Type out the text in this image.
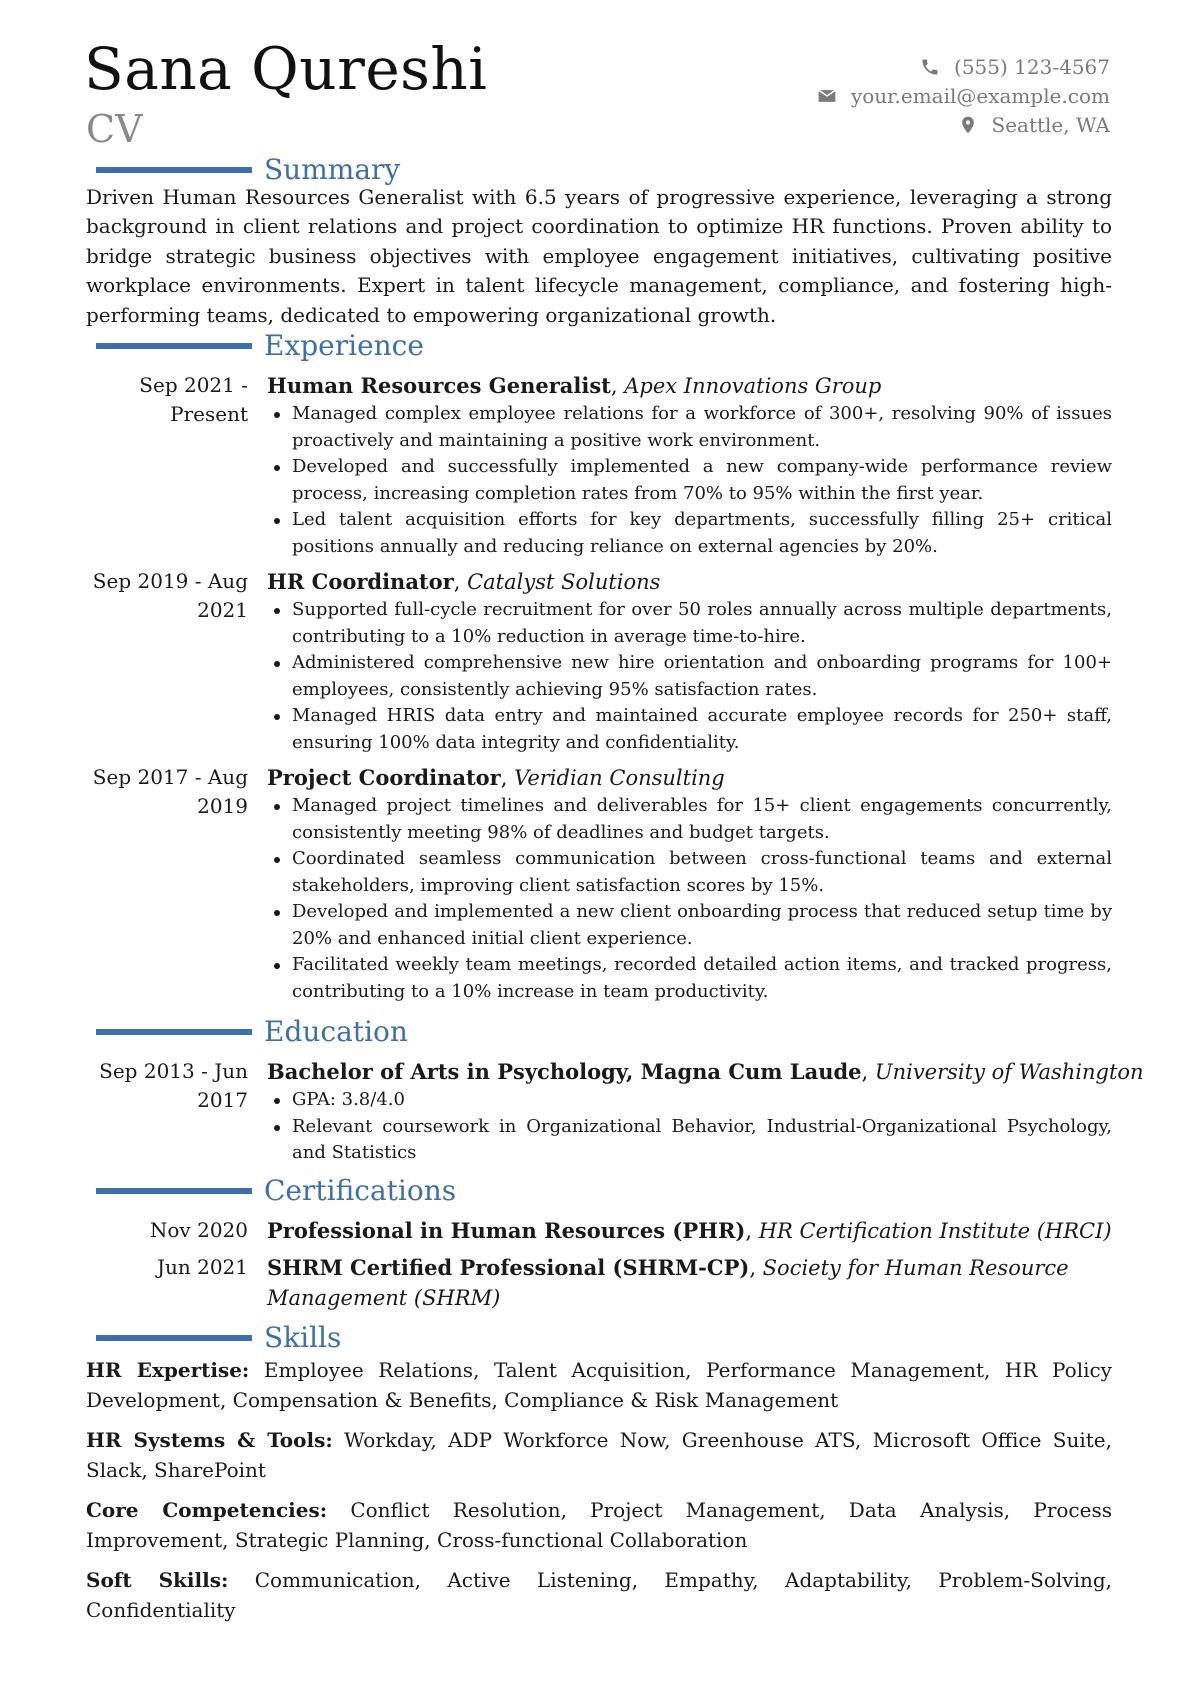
Sana Qureshi
CV
(555) 123-4567
your.email@example.com
Seattle, WA
Summary
Driven Human Resources Generalist with 6.5 years of progressive experience, leveraging a strong background in client relations and project coordination to optimize HR functions. Proven ability to bridge strategic business objectives with employee engagement initiatives, cultivating positive workplace environments. Expert in talent lifecycle management, compliance, and fostering high-performing teams, dedicated to empowering organizational growth.
Experience
Sep 2021 - Present
Human Resources Generalist, Apex Innovations Group
Managed complex employee relations for a workforce of 300+, resolving 90% of issues proactively and maintaining a positive work environment.
Developed and successfully implemented a new company-wide performance review process, increasing completion rates from 70% to 95% within the first year.
Led talent acquisition efforts for key departments, successfully filling 25+ critical positions annually and reducing reliance on external agencies by 20%.
Sep 2019 - Aug 2021
HR Coordinator, Catalyst Solutions
Supported full-cycle recruitment for over 50 roles annually across multiple departments, contributing to a 10% reduction in average time-to-hire.
Administered comprehensive new hire orientation and onboarding programs for 100+ employees, consistently achieving 95% satisfaction rates.
Managed HRIS data entry and maintained accurate employee records for 250+ staff, ensuring 100% data integrity and confidentiality.
Sep 2017 - Aug 2019
Project Coordinator, Veridian Consulting
Managed project timelines and deliverables for 15+ client engagements concurrently, consistently meeting 98% of deadlines and budget targets.
Coordinated seamless communication between cross-functional teams and external stakeholders, improving client satisfaction scores by 15%.
Developed and implemented a new client onboarding process that reduced setup time by 20% and enhanced initial client experience.
Facilitated weekly team meetings, recorded detailed action items, and tracked progress, contributing to a 10% increase in team productivity.
Education
Sep 2013 - Jun 2017
Bachelor of Arts in Psychology, Magna Cum Laude, University of Washington
GPA: 3.8/4.0
Relevant coursework in Organizational Behavior, Industrial-Organizational Psychology, and Statistics
Certifications
Nov 2020 Professional in Human Resources (PHR), HR Certification Institute (HRCI)
Jun 2021 SHRM Certified Professional (SHRM-CP), Society for Human Resource Management (SHRM)
Skills
HR Expertise: Employee Relations, Talent Acquisition, Performance Management, HR Policy Development, Compensation & Benefits, Compliance & Risk Management
HR Systems & Tools: Workday, ADP Workforce Now, Greenhouse ATS, Microsoft Office Suite, Slack, SharePoint
Core Competencies: Conflict Resolution, Project Management, Data Analysis, Process Improvement, Strategic Planning, Cross-functional Collaboration
Soft Skills: Communication, Active Listening, Empathy, Adaptability, Problem-Solving, Confidentiality
